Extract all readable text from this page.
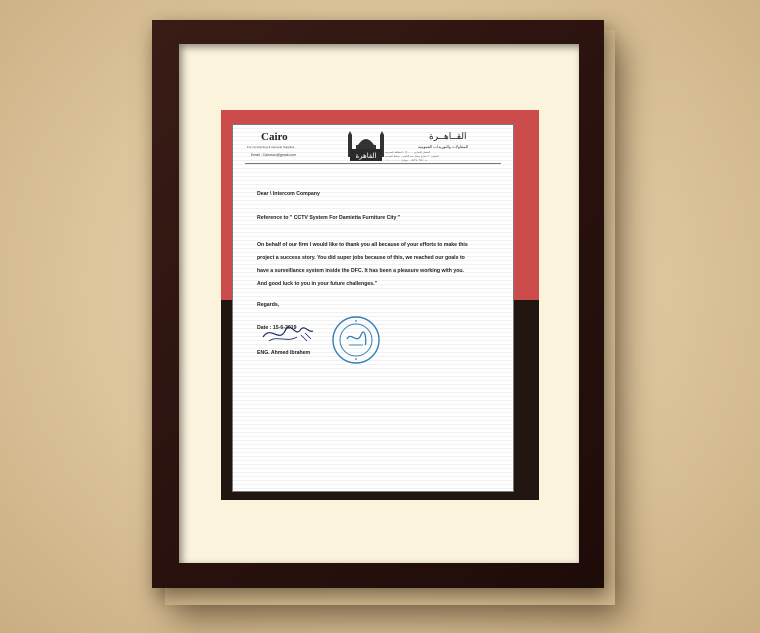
Cairo
For Contracting & General Supplies
Email : Cairosco@gmail.com	القاهرة
القــاهــرة
للمقاولات والتوريدات العمومية
السجل التجاري : ٢٧٠٠٠ - البطاقة الضريبية
العنوان : ٦ شارع جمال عبد الناصر - دمياط الجديدة
ت : ٠٥٧٢٤٠٣٧٥ - موبايل : ٠١٠٠٠٠٠٠٠٠
Dear \ Intercom Company
Reference to " CCTV System For Damietta Furniture City "
On behalf of our firm I would like to thank you all because of your efforts to make this
project a success story. You did super jobs because of this, we reached our goals to
have a surveillance system inside the DFC. It has been a pleasure working with you.
And good luck to you in your future challenges."
Regards,
Date : 15-6-2019
ENG. Ahmed Ibrahem
